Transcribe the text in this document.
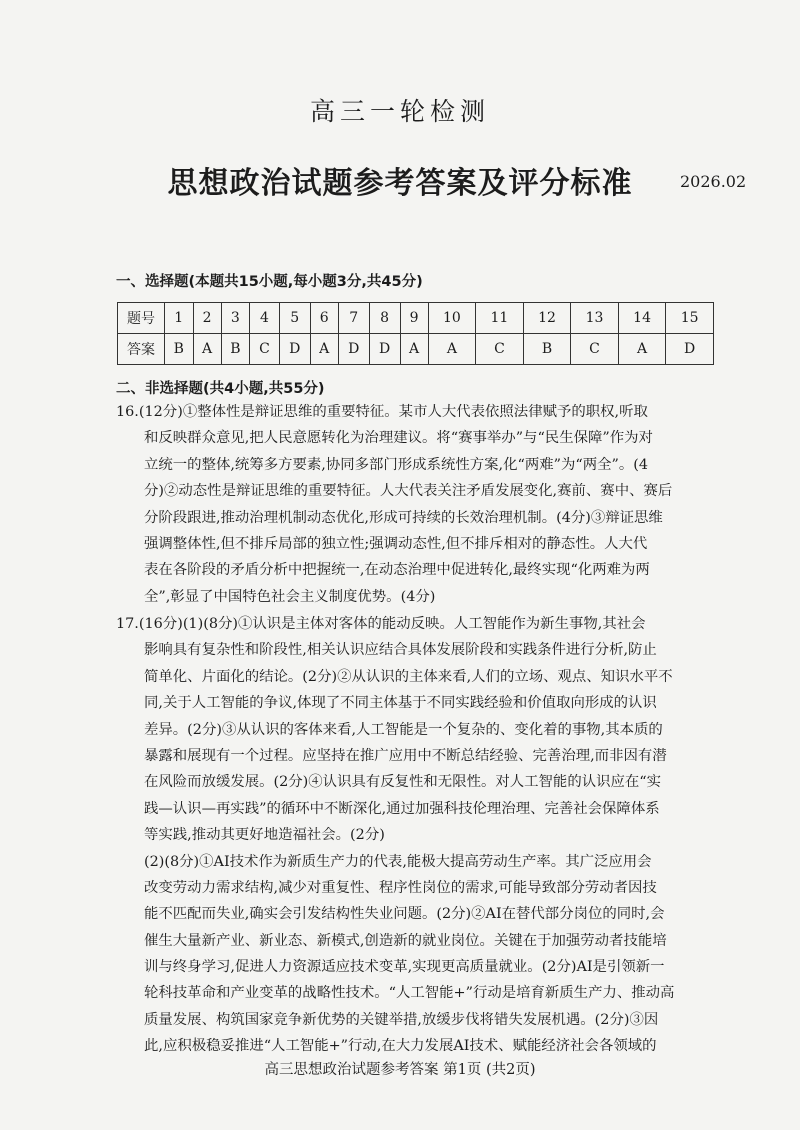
高三一轮检测
思想政治试题参考答案及评分标准	2026.02
一、选择题(本题共15小题,每小题3分,共45分)
题号	1	2	3	4	5	6	7	8	9	10	11	12	13	14	15
答案	B	A	B	C	D	A	D	D	A	A	C	B	C	A	D
二、非选择题(共4小题,共55分)
16.(12分)①整体性是辩证思维的重要特征。某市人大代表依照法律赋予的职权,听取
和反映群众意见,把人民意愿转化为治理建议。将“赛事举办”与“民生保障”作为对
立统一的整体,统筹多方要素,协同多部门形成系统性方案,化“两难”为“两全”。(4
分)②动态性是辩证思维的重要特征。人大代表关注矛盾发展变化,赛前、赛中、赛后
分阶段跟进,推动治理机制动态优化,形成可持续的长效治理机制。(4分)③辩证思维
强调整体性,但不排斥局部的独立性;强调动态性,但不排斥相对的静态性。人大代
表在各阶段的矛盾分析中把握统一,在动态治理中促进转化,最终实现“化两难为两
全”,彰显了中国特色社会主义制度优势。(4分)
17.(16分)(1)(8分)①认识是主体对客体的能动反映。人工智能作为新生事物,其社会
影响具有复杂性和阶段性,相关认识应结合具体发展阶段和实践条件进行分析,防止
简单化、片面化的结论。(2分)②从认识的主体来看,人们的立场、观点、知识水平不
同,关于人工智能的争议,体现了不同主体基于不同实践经验和价值取向形成的认识
差异。(2分)③从认识的客体来看,人工智能是一个复杂的、变化着的事物,其本质的
暴露和展现有一个过程。应坚持在推广应用中不断总结经验、完善治理,而非因有潜
在风险而放缓发展。(2分)④认识具有反复性和无限性。对人工智能的认识应在“实
践—认识—再实践”的循环中不断深化,通过加强科技伦理治理、完善社会保障体系
等实践,推动其更好地造福社会。(2分)
(2)(8分)①AI技术作为新质生产力的代表,能极大提高劳动生产率。其广泛应用会
改变劳动力需求结构,减少对重复性、程序性岗位的需求,可能导致部分劳动者因技
能不匹配而失业,确实会引发结构性失业问题。(2分)②AI在替代部分岗位的同时,会
催生大量新产业、新业态、新模式,创造新的就业岗位。关键在于加强劳动者技能培
训与终身学习,促进人力资源适应技术变革,实现更高质量就业。(2分)AI是引领新一
轮科技革命和产业变革的战略性技术。“人工智能+”行动是培育新质生产力、推动高
质量发展、构筑国家竞争新优势的关键举措,放缓步伐将错失发展机遇。(2分)③因
此,应积极稳妥推进“人工智能+”行动,在大力发展AI技术、赋能经济社会各领域的
高三思想政治试题参考答案 第1页 (共2页)
